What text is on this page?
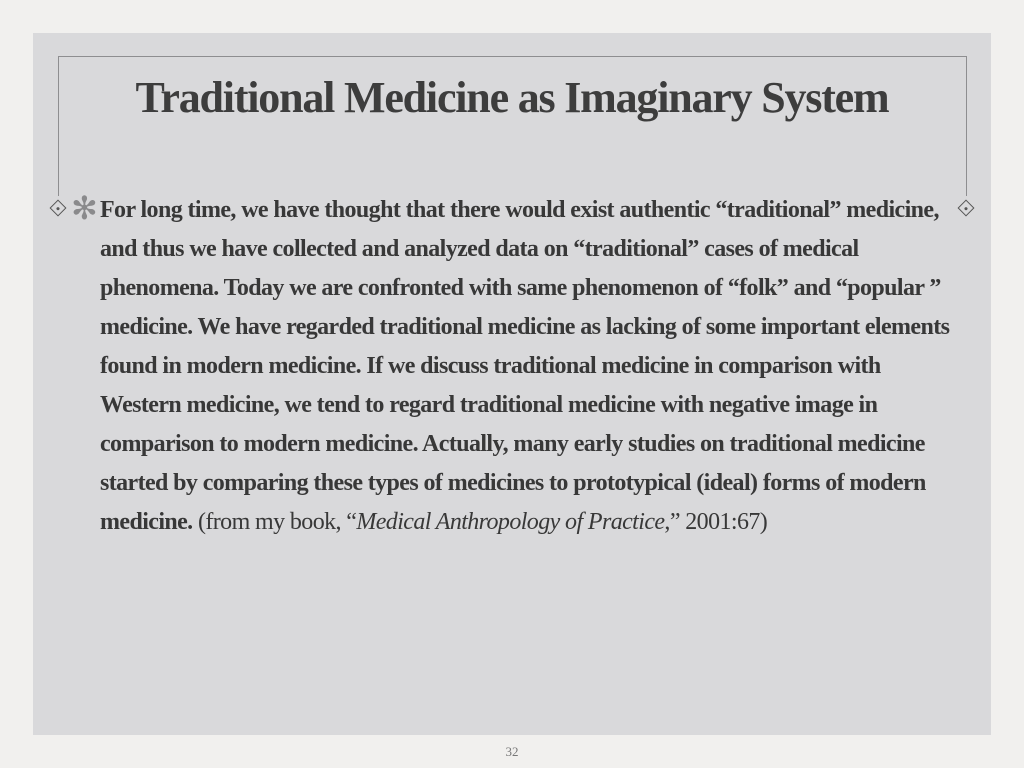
Traditional Medicine as Imaginary System
✻ For long time, we have thought that there would exist authentic “traditional” medicine, and thus we have collected and analyzed data on “traditional” cases of medical phenomena. Today we are confronted with same phenomenon of “folk” and “popular ” medicine. We have regarded traditional medicine as lacking of some important elements found in modern medicine. If we discuss traditional medicine in comparison with Western medicine, we tend to regard traditional medicine with negative image in comparison to modern medicine. Actually, many early studies on traditional medicine started by comparing these types of medicines to prototypical (ideal) forms of modern medicine. (from my book, “Medical Anthropology of Practice,” 2001:67)
32
